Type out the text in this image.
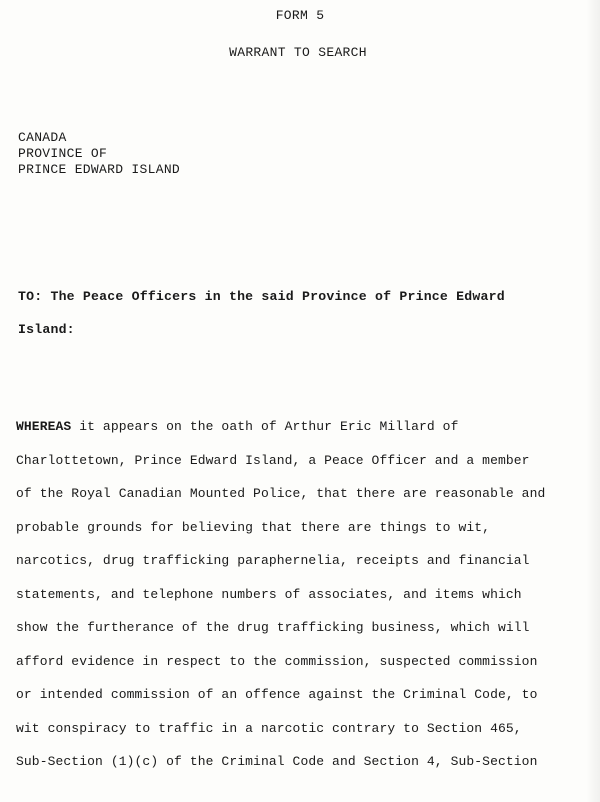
FORM 5
WARRANT TO SEARCH
CANADA
PROVINCE OF
PRINCE EDWARD ISLAND
TO: The Peace Officers in the said Province of Prince Edward
Island:
WHEREAS it appears on the oath of Arthur Eric Millard of
Charlottetown, Prince Edward Island, a Peace Officer and a member
of the Royal Canadian Mounted Police, that there are reasonable and
probable grounds for believing that there are things to wit,
narcotics, drug trafficking paraphernelia, receipts and financial
statements, and telephone numbers of associates, and items which
show the furtherance of the drug trafficking business, which will
afford evidence in respect to the commission, suspected commission
or intended commission of an offence against the Criminal Code, to
wit conspiracy to traffic in a narcotic contrary to Section 465,
Sub-Section (1)(c) of the Criminal Code and Section 4, Sub-Section
